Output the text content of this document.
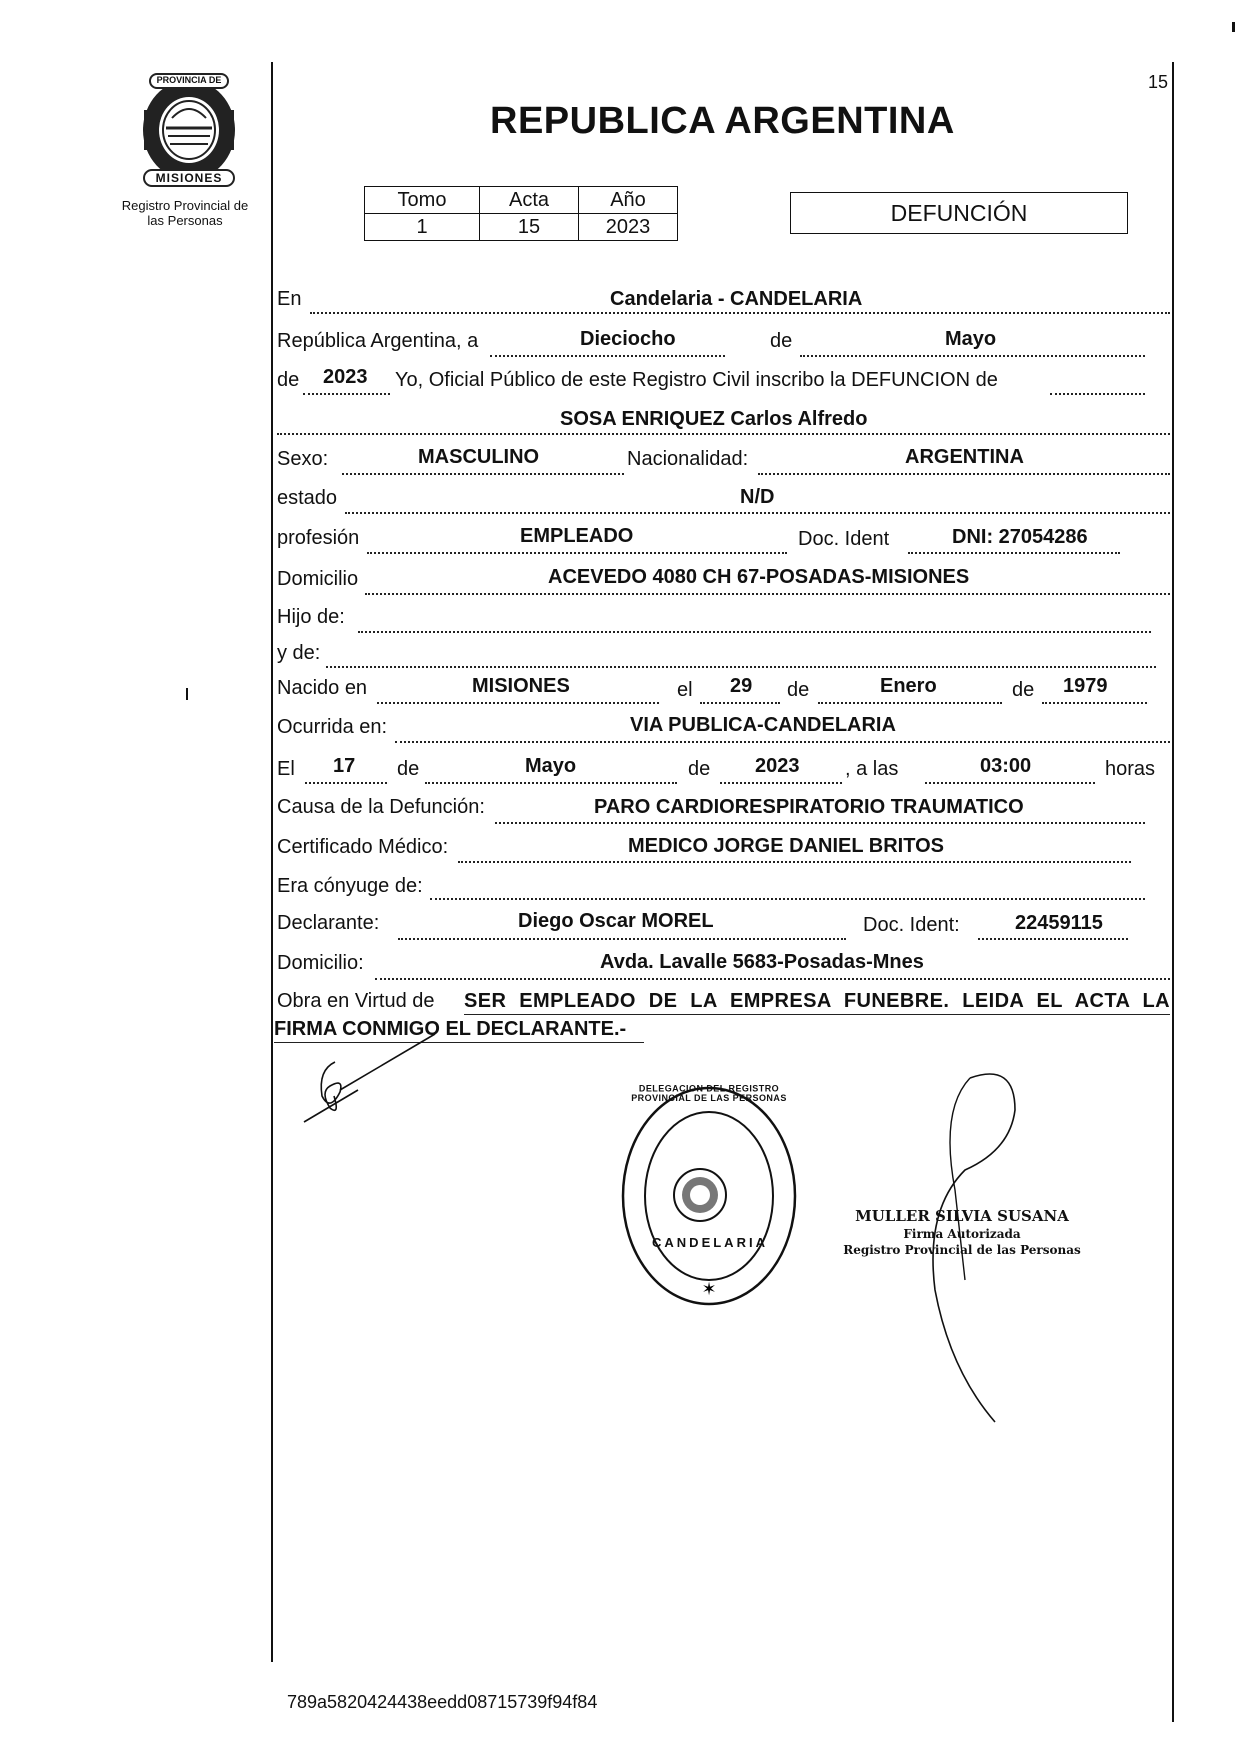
15
PROVINCIA DE
MISIONES
Registro Provincial de
las Personas
REPUBLICA ARGENTINA
Tomo	Acta	Año
1	15	2023
DEFUNCIÓN
En	Candelaria - CANDELARIA
República Argentina, a	Dieciocho	de	Mayo
de 2023 Yo, Oficial Público de este Registro Civil inscribo la DEFUNCION de
SOSA ENRIQUEZ Carlos Alfredo
Sexo:	MASCULINO	Nacionalidad:	ARGENTINA
estado	N/D
profesión	EMPLEADO	Doc. Ident	DNI: 27054286
Domicilio	ACEVEDO 4080 CH 67-POSADAS-MISIONES
Hijo de:
y de:
Nacido en	MISIONES	el 29 de	Enero	de 1979
Ocurrida en:	VIA PUBLICA-CANDELARIA
El 17 de	Mayo	de 2023 , a las	03:00	horas
Causa de la Defunción:	PARO CARDIORESPIRATORIO TRAUMATICO
Certificado Médico:	MEDICO JORGE DANIEL BRITOS
Era cónyuge de:
Declarante:	Diego Oscar MOREL	Doc. Ident:	22459115
Domicilio:	Avda. Lavalle 5683-Posadas-Mnes
Obra en Virtud de SER EMPLEADO DE LA EMPRESA FUNEBRE. LEIDA EL ACTA LA
FIRMA CONMIGO EL DECLARANTE.-
✶
DELEGACION DEL REGISTRO PROVINCIAL DE LAS PERSONAS
CANDELARIA
MULLER SILVIA SUSANA
Firma Autorizada
Registro Provincial de las Personas
789a5820424438eedd08715739f94f84
